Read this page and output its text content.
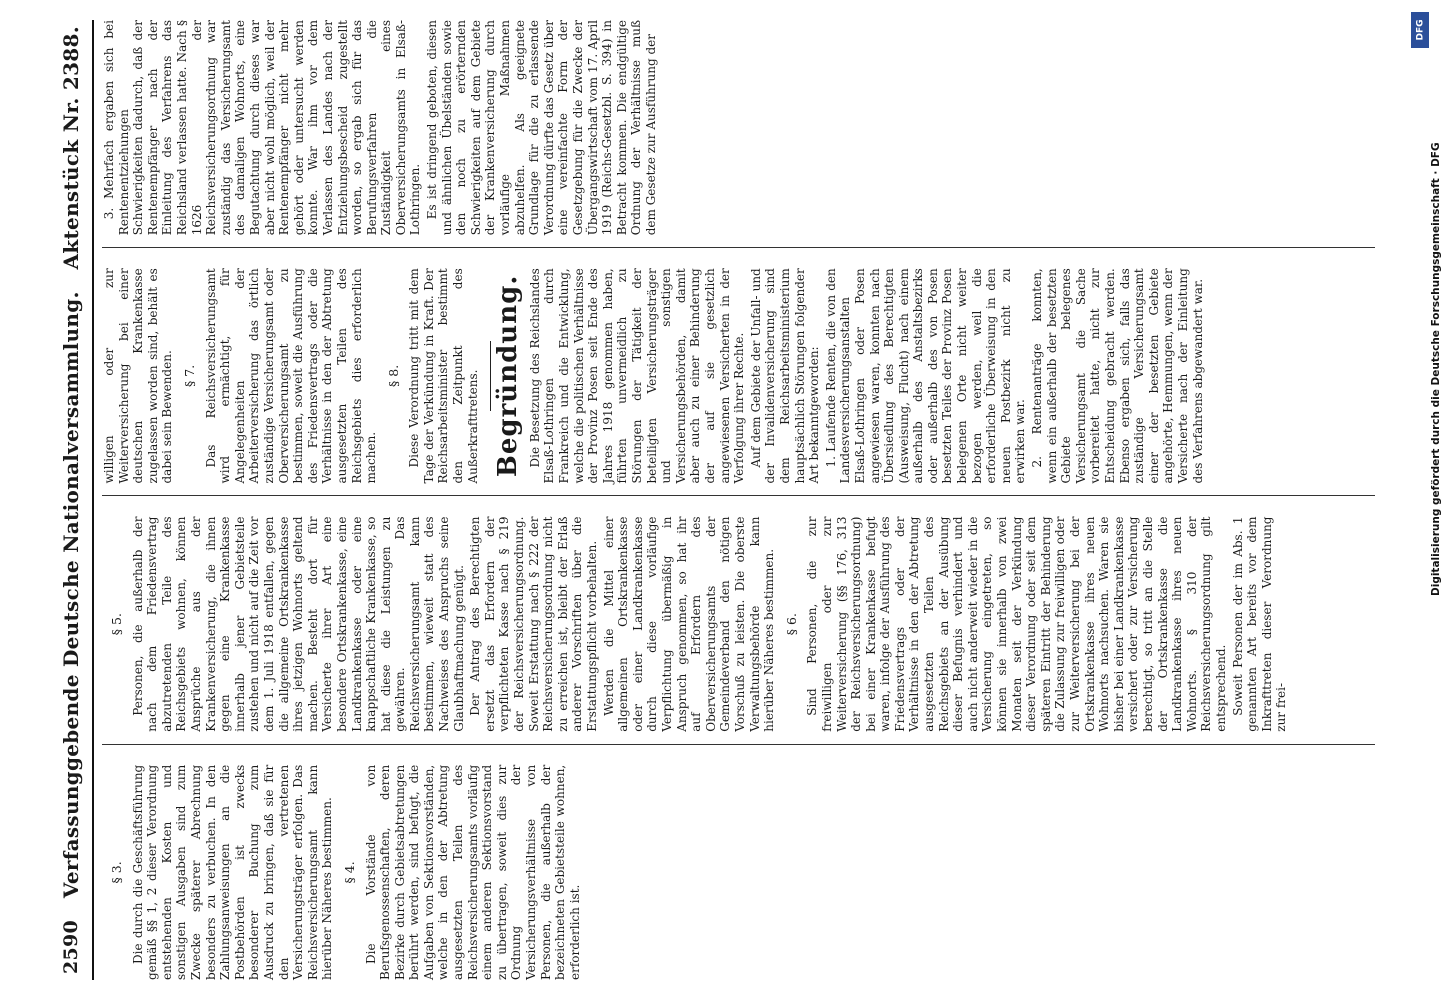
2590
Verfassunggebende Deutsche Nationalversammlung.
Aktenstück Nr. 2388.
§ 3. Die durch die Geschäftsführung gemäß §§ 1, 2 dieser Verordnung entstehenden Kosten und sonstigen Ausgaben sind zum Zwecke späterer Abrechnung besonders zu verbuchen. In den Zahlungsanweisungen an die Postbehörden ist zwecks besonderer Buchung zum Ausdruck zu bringen, daß sie für den vertretenen Versicherungsträger erfolgen. Das Reichsversicherungsamt kann hierüber Näheres bestimmen. § 4. Die Vorstände von Berufsgenossenschaften, deren Bezirke durch Gebietsabtretungen berührt werden, sind befugt, die Aufgaben von Sektionsvorständen, welche in den der Abtretung ausgesetzten Teilen des Reichsversicherungsamts vorläufig einem anderen Sektionsvorstand zu übertragen, soweit dies zur Ordnung der Versicherungsverhältnisse von Personen, die außerhalb der bezeichneten Gebietsteile wohnen, erforderlich ist.

§ 5. Personen, die außerhalb der nach dem Friedensvertrag abzutretenden Teile des Reichsgebiets wohnen, können Ansprüche aus der Krankenversicherung, die ihnen gegen eine Krankenkasse innerhalb jener Gebietsteile zustehen und nicht auf die Zeit vor dem 1. Juli 1918 entfallen, gegen die allgemeine Ortskrankenkasse ihres jetzigen Wohnorts geltend machen. Besteht dort für Versicherte ihrer Art eine besondere Ortskrankenkasse, eine Landkrankenkasse oder eine knappschaftliche Krankenkasse, so hat diese die Leistungen zu gewähren. Das Reichsversicherungsamt kann bestimmen, wieweit statt des Nachweises des Anspruchs seine Glaubhaftmachung genügt. Der Antrag des Berechtigten ersetzt das Erfordern der verpflichteten Kasse nach § 219 der Reichsversicherungsordnung. Soweit Erstattung nach § 222 der Reichsversicherungsordnung nicht zu erreichen ist, bleibt der Erlaß anderer Vorschriften über die Erstattungspflicht vorbehalten. Werden die Mittel einer allgemeinen Ortskrankenkasse oder einer Landkrankenkasse durch diese vorläufige Verpflichtung übermäßig in Anspruch genommen, so hat ihr auf Erfordern des Oberversicherungsamts der Gemeindeverband den nötigen Vorschuß zu leisten. Die oberste Verwaltungsbehörde kann hierüber Näheres bestimmen. § 6. Sind Personen, die zur freiwilligen oder zur Weiterversicherung (§§ 176, 313 der Reichsversicherungsordnung) bei einer Krankenkasse befugt waren, infolge der Ausführung des Friedensvertrags oder der Verhältnisse in den der Abtretung ausgesetzten Teilen des Reichsgebiets an der Ausübung dieser Befugnis verhindert und auch nicht anderweit wieder in die Versicherung eingetreten, so können sie innerhalb von zwei Monaten seit der Verkündung dieser Verordnung oder seit dem späteren Eintritt der Behinderung die Zulassung zur freiwilligen oder zur Weiterversicherung bei der Ortskrankenkasse ihres neuen Wohnorts nachsuchen. Waren sie bisher bei einer Landkrankenkasse versichert oder zur Versicherung berechtigt, so tritt an die Stelle der Ortskrankenkasse die Landkrankenkasse ihres neuen Wohnorts. § 310 der Reichsversicherungsordnung gilt entsprechend. Soweit Personen der im Abs. 1 genannten Art bereits vor dem Inkrafttreten dieser Verordnung zur frei-

willigen oder zur Weiterversicherung bei einer deutschen Krankenkasse zugelassen worden sind, behält es dabei sein Bewenden. § 7. Das Reichsversicherungsamt wird ermächtigt, für Angelegenheiten der Arbeiterversicherung das örtlich zuständige Versicherungsamt oder Oberversicherungsamt zu bestimmen, soweit die Ausführung des Friedensvertrags oder die Verhältnisse in den der Abtretung ausgesetzten Teilen des Reichsgebiets dies erforderlich machen.

§ 8. Diese Verordnung tritt mit dem Tage der Verkündung in Kraft. Der Reichsarbeitsminister bestimmt den Zeitpunkt des Außerkrafttretens. Begründung. Die Besetzung des Reichslandes Elsaß-Lothringen durch Frankreich und die Entwicklung, welche die politischen Verhältnisse der Provinz Posen seit Ende des Jahres 1918 genommen haben, führten unvermeidlich zu Störungen der Tätigkeit der beteiligten Versicherungsträger und sonstigen Versicherungsbehörden, damit aber auch zu einer Behinderung der auf sie gesetzlich angewiesenen Versicherten in der Verfolgung ihrer Rechte. Auf dem Gebiete der Unfall- und der Invalidenversicherung sind dem Reichsarbeitsministerium hauptsächlich Störungen folgender Art bekanntgeworden: 1. Laufende Renten, die von den Landesversicherungsanstalten Elsaß-Lothringen oder Posen angewiesen waren, konnten nach Übersiedlung des Berechtigten (Ausweisung, Flucht) nach einem außerhalb des Anstaltsbezirks oder außerhalb des von Posen besetzten Teiles der Provinz Posen belegenen Orte nicht weiter bezogen werden, weil die erforderliche Überweisung in den neuen Postbezirk nicht zu erwirken war. 2. Rentenanträge konnten, wenn ein außerhalb der besetzten Gebiete belegenes Versicherungsamt die Sache vorbereitet hatte, nicht zur Entscheidung gebracht werden. Ebenso ergaben sich, falls das zuständige Versicherungsamt einer der besetzten Gebiete angehörte, Hemmungen, wenn der Versicherte nach der Einleitung des Verfahrens abgewandert war.

3. Mehrfach ergaben sich bei Rentenentziehungen Schwierigkeiten dadurch, daß der Rentenempfänger nach der Einleitung des Verfahrens das Reichsland verlassen hatte. Nach § 1626 der Reichsversicherungsordnung war zuständig das Versicherungsamt des damaligen Wohnorts, eine Begutachtung durch dieses war aber nicht wohl möglich, weil der Rentenempfänger nicht mehr gehört oder untersucht werden konnte. War ihm vor dem Verlassen des Landes nach der Entziehungsbescheid zugestellt worden, so ergab sich für das Berufungsverfahren die Zuständigkeit eines Oberversicherungsamts in Elsaß-Lothringen. Es ist dringend geboten, diesen und ähnlichen Übelständen sowie den noch zu erörternden Schwierigkeiten auf dem Gebiete der Krankenversicherung durch vorläufige Maßnahmen abzuhelfen. Als geeignete Grundlage für die zu erlassende Verordnung dürfte das Gesetz über eine vereinfachte Form der Gesetzgebung für die Zwecke der Übergangswirtschaft vom 17. April 1919 (Reichs-Gesetzbl. S. 394) in Betracht kommen. Die endgültige Ordnung der Verhältnisse muß dem Gesetze zur Ausführung der

DFG
Digitalisierung gefördert durch die Deutsche Forschungsgemeinschaft · DFG
